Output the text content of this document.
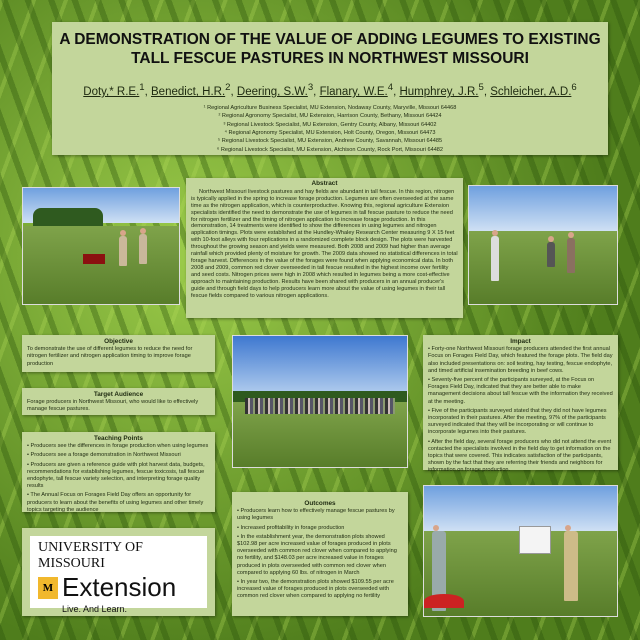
A DEMONSTRATION OF THE VALUE OF ADDING LEGUMES TO EXISTING
TALL FESCUE PASTURES IN NORTHWEST MISSOURI
Doty,* R.E.$^1$, Benedict, H.R.$^2$, Deering, S.W.$^3$, Flanary, W.E.$^4$, Humphrey, J.R.$^5$, Schleicher, A.D.$^6$
¹ Regional Agriculture Business Specialist, MU Extension, Nodaway County, Maryville, Missouri 64468
² Regional Agronomy Specialist, MU Extension, Harrison County, Bethany, Missouri 64424
³ Regional Livestock Specialist, MU Extension, Gentry County, Albany, Missouri 64402
⁴ Regional Agronomy Specialist, MU Extension, Holt County, Oregon, Missouri 64473
⁵ Regional Livestock Specialist, MU Extension, Andrew County, Savannah, Missouri 64485
⁶ Regional Livestock Specialist, MU Extension, Atchison County, Rock Port, Missouri 64482
Abstract

Northwest Missouri livestock pastures and hay fields are abundant in tall fescue. In this region, nitrogen is typically applied in the spring to increase forage production. Legumes are often overseeded at the same time as the nitrogen application, which is counterproductive. Knowing this, regional agriculture Extension specialists identified the need to demonstrate the use of legumes in tall fescue pasture to reduce the need for nitrogen fertilizer and the timing of nitrogen application to increase forage production. In this demonstration, 14 treatments were identified to show the differences in using legumes and nitrogen application timings. Plots were established at the Hundley-Whaley Research Center measuring 9 X 15 feet with 10-foot alleys with four replications in a randomized complete block design. The plots were harvested throughout the growing season and yields were measured. Both 2008 and 2009 had higher than average rainfall which provided plenty of moisture for growth. The 2009 data showed no statistical differences in total forage harvest. Differences in the value of the forages were found when applying economical data. In both 2008 and 2009, common red clover overseeded in tall fescue resulted in the highest income over fertility and seed costs. Nitrogen prices were high in 2008 which resulted in legumes being a more cost-effective approach to maintaining production. Results have been shared with producers in an annual producer's guide and through field days to help producers learn more about the value of using legumes in their tall fescue fields compared to various nitrogen applications.

Objective

To demonstrate the use of different legumes to reduce the need for nitrogen fertilizer and nitrogen application timing to improve forage production

Target Audience

Forage producers in Northwest Missouri, who would like to effectively manage fescue pastures.

Teaching Points
• Producers see the differences in forage production when using legumes
• Producers see a forage demonstration in Northwest Missouri
• Producers are given a reference guide with plot harvest data, budgets, recommendations for establishing legumes, fescue toxicosis, tall fescue endophyte, tall fescue variety selection, and interpreting forage quality results
• The Annual Focus on Forages Field Day offers an opportunity for producers to learn about the benefits of using legumes and other timely topics targeting the audience
Impact
• Forty-one Northwest Missouri forage producers attended the first annual Focus on Forages Field Day, which featured the forage plots. The field day also included presentations on: soil testing, hay testing, fescue endophyte, and timed artificial insemination breeding in beef cows.
• Seventy-five percent of the participants surveyed, at the Focus on Forages Field Day, indicated that they are better able to make management decisions about tall fescue with the information they received at the meeting.
• Five of the participants surveyed stated that they did not have legumes incorporated in their pastures. After the meeting, 97% of the participants surveyed indicated that they will be incorporating or will continue to incorporate legumes into their pastures.
• After the field day, several forage producers who did not attend the event contacted the specialists involved in the field day to get information on the topics that were covered. This indicates satisfaction of the participants, shown by the fact that they are referring their friends and neighbors for information on forage production.
Outcomes
• Producers learn how to effectively manage fescue pastures by using legumes
• Increased profitability in forage production
• In the establishment year, the demonstration plots showed $102.98 per acre increased value of forages produced in plots overseeded with common red clover when compared to applying no fertility, and $148.03 per acre increased value in forages produced in plots overseeded with common red clover when compared to applying 60 lbs. of nitrogen in March
• In year two, the demonstration plots showed $109.55 per acre increased value of forages produced in plots overseeded with common red clover when compared to applying no fertility
UNIVERSITY OF MISSOURI
M Extension
Live. And Learn.
